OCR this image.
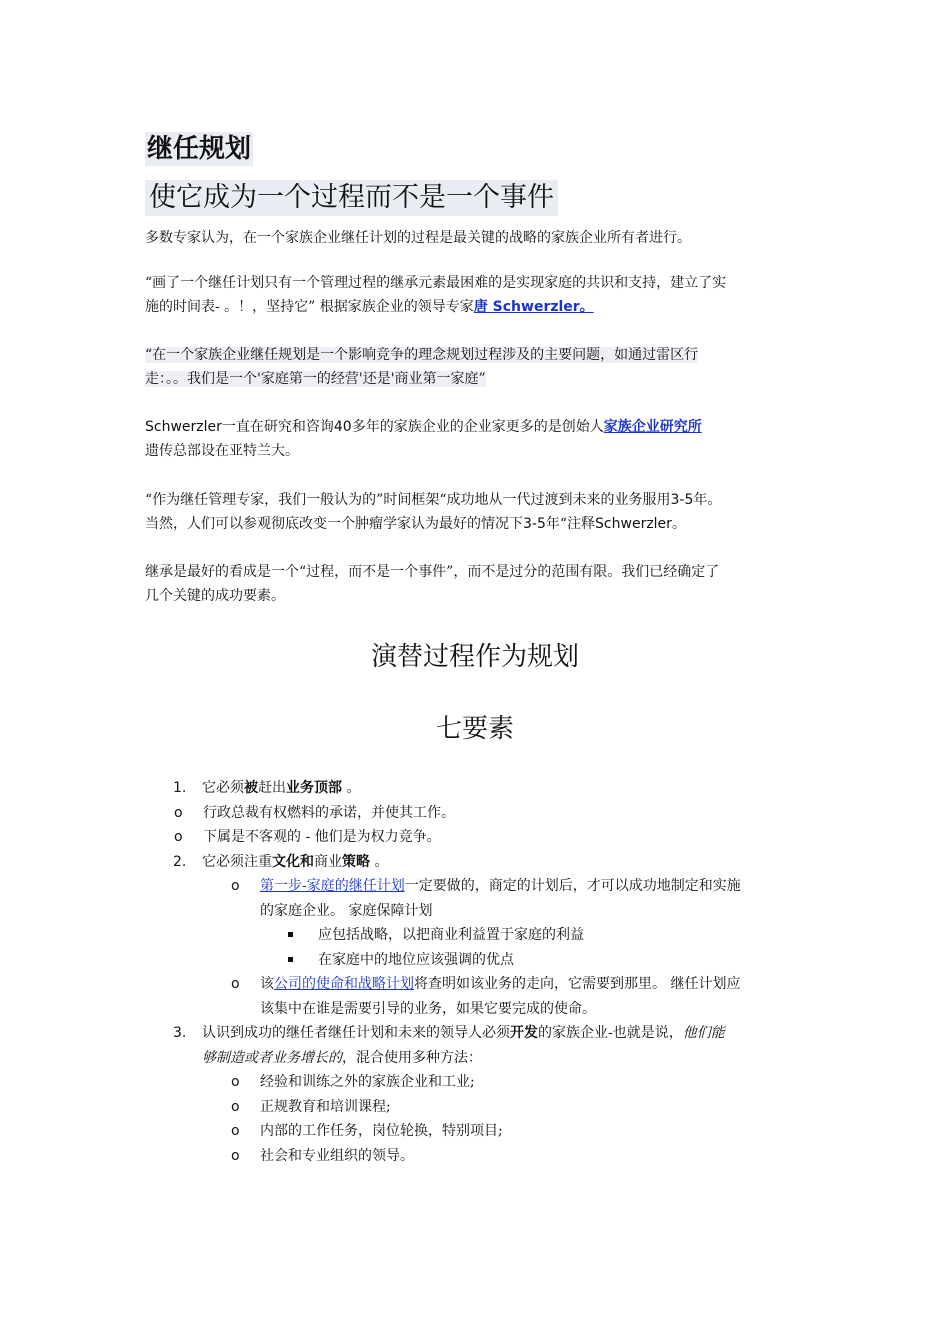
继任规划
使它成为一个过程而不是一个事件
多数专家认为，在一个家族企业继任计划的过程是最关键的战略的家族企业所有者进行。
“画了一个继任计划只有一个管理过程的继承元素最困难的是实现家庭的共识和支持，建立了实
施的时间表- 。！，坚持它” 根据家族企业的领导专家唐 Schwerzler。
“在一个家族企业继任规划是一个影响竞争的理念规划过程涉及的主要问题，如通过雷区行
走：。。我们是一个'家庭第一的经营'还是'商业第一家庭”
Schwerzler一直在研究和咨询40多年的家族企业的企业家更多的是创始人家族企业研究所
遗传总部设在亚特兰大。
“作为继任管理专家，我们一般认为的”时间框架“成功地从一代过渡到未来的业务服用3-5年。
当然，人们可以参观彻底改变一个肿瘤学家认为最好的情况下3-5年“注释Schwerzler。
继承是最好的看成是一个“过程，而不是一个事件”，而不是过分的范围有限。我们已经确定了
几个关键的成功要素。
演替过程作为规划
七要素
1. 它必须被赶出业务顶部 。
o 行政总裁有权燃料的承诺，并使其工作。
o 下属是不客观的 - 他们是为权力竞争。
2. 它必须注重文化和商业策略 。
o 第一步-家庭的继任计划一定要做的，商定的计划后，才可以成功地制定和实施
的家庭企业。 家庭保障计划
应包括战略，以把商业利益置于家庭的利益
在家庭中的地位应该强调的优点
o 该公司的使命和战略计划将查明如该业务的走向，它需要到那里。 继任计划应
该集中在谁是需要引导的业务，如果它要完成的使命。
3. 认识到成功的继任者继任计划和未来的领导人必须开发的家族企业-也就是说，他们能
够制造或者业务增长的，混合使用多种方法：
o 经验和训练之外的家族企业和工业;
o 正规教育和培训课程;
o 内部的工作任务，岗位轮换，特别项目;
o 社会和专业组织的领导。
